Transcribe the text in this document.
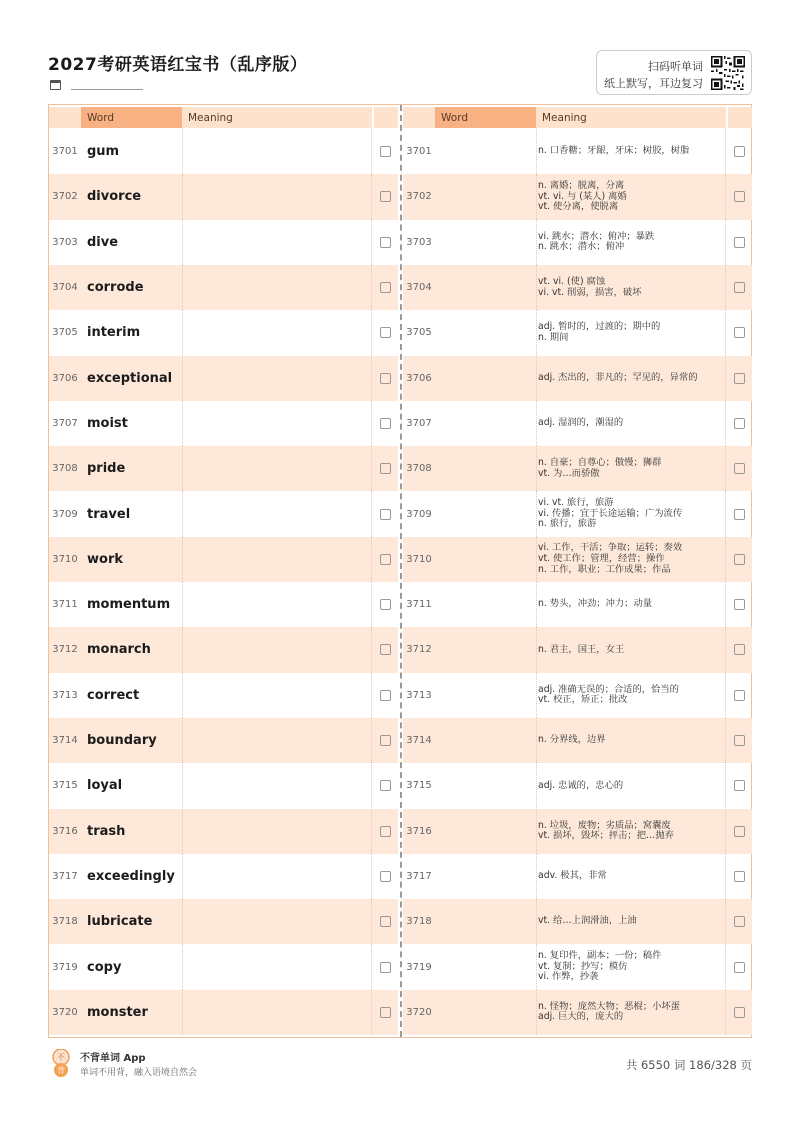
2027考研英语红宝书（乱序版）	扫码听单词
纸上默写，耳边复习
Word	Meaning
3701 gum
3702 divorce
3703 dive
3704 corrode
3705 interim
3706 exceptional
3707 moist
3708 pride
3709 travel
3710 work
3711 momentum
3712 monarch
3713 correct
3714 boundary
3715 loyal
3716 trash
3717 exceedingly
3718 lubricate
3719 copy
3720 monster
Word	Meaning
3701	n. 口香糖；牙龈，牙床；树胶，树脂
3702
n. 离婚；脱离，分离
vt. vi. 与 (某人) 离婚
vt. 使分离，使脱离
3703
vi. 跳水；潜水；俯冲；暴跌
n. 跳水；潜水；俯冲
3704
vt. vi. (使) 腐蚀
vi. vt. 削弱，损害，破坏
3705
adj. 暂时的，过渡的；期中的
n. 期间
3706	adj. 杰出的，非凡的；罕见的，异常的
3707	adj. 湿润的，潮湿的
3708
n. 自豪；自尊心；傲慢；狮群
vt. 为…而骄傲
3709
vi. vt. 旅行，旅游
vi. 传播；宜于长途运输；广为流传
n. 旅行，旅游
3710
vi. 工作，干活；争取；运转；奏效
vt. 使工作；管理，经营；操作
n. 工作，职业；工作成果；作品
3711	n. 势头，冲劲；冲力；动量
3712	n. 君主，国王，女王
3713
adj. 准确无误的；合适的，恰当的
vt. 校正，矫正；批改
3714	n. 分界线，边界
3715	adj. 忠诚的，忠心的
3716
n. 垃圾，废物；劣质品；窝囊废
vt. 损坏，毁坏；抨击；把…抛弃
3717	adv. 极其，非常
3718	vt. 给…上润滑油，上油
3719
n. 复印件，副本；一份；稿件
vt. 复制；抄写；模仿
vi. 作弊，抄袭
3720
n. 怪物；庞然大物；恶棍；小坏蛋
adj. 巨大的，庞大的
不
背
不背单词 App
单词不用背，融入语境自然会
共 6550 词 186/328 页
